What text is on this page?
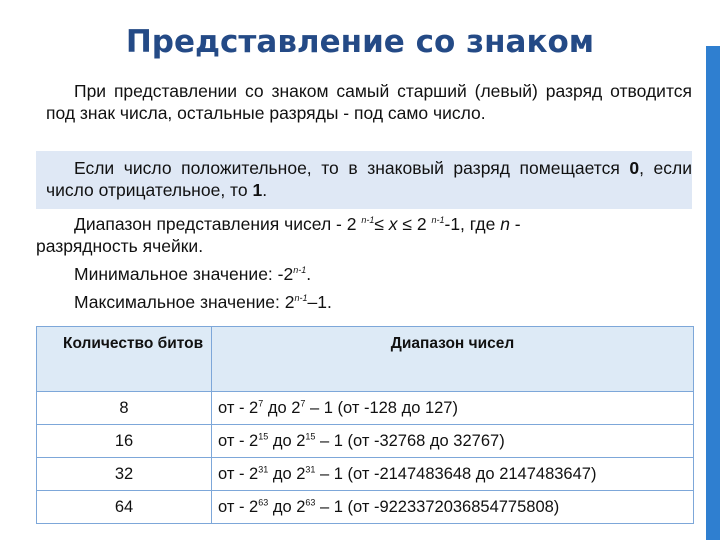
Представление со знаком
При представлении со знаком самый старший (левый) разряд отводится под знак числа, остальные разряды - под само число.
Если число положительное, то в знаковый разряд помещается 0, если число отрицательное, то 1.
Диапазон представления чисел - 2 $^{n-1}$≤ х ≤ 2 $^{n-1}$-1, где n -
разрядность ячейки.
Минимальное значение: -2$^{n-1}$.
Максимальное значение: 2$^{n-1}$–1.
Количество битов	Диапазон чисел
8	от - $2^7$ до $2^7 - 1$ (от -128 до 127)
16	от - $2^{15}$ до $2^{15} - 1$ (от -32768 до 32767)
32	от - $2^{31}$ до $2^{31} - 1$ (от -2147483648 до 2147483647)
64	от - $2^{63}$ до $2^{63} - 1$ (от -9223372036854775808)
